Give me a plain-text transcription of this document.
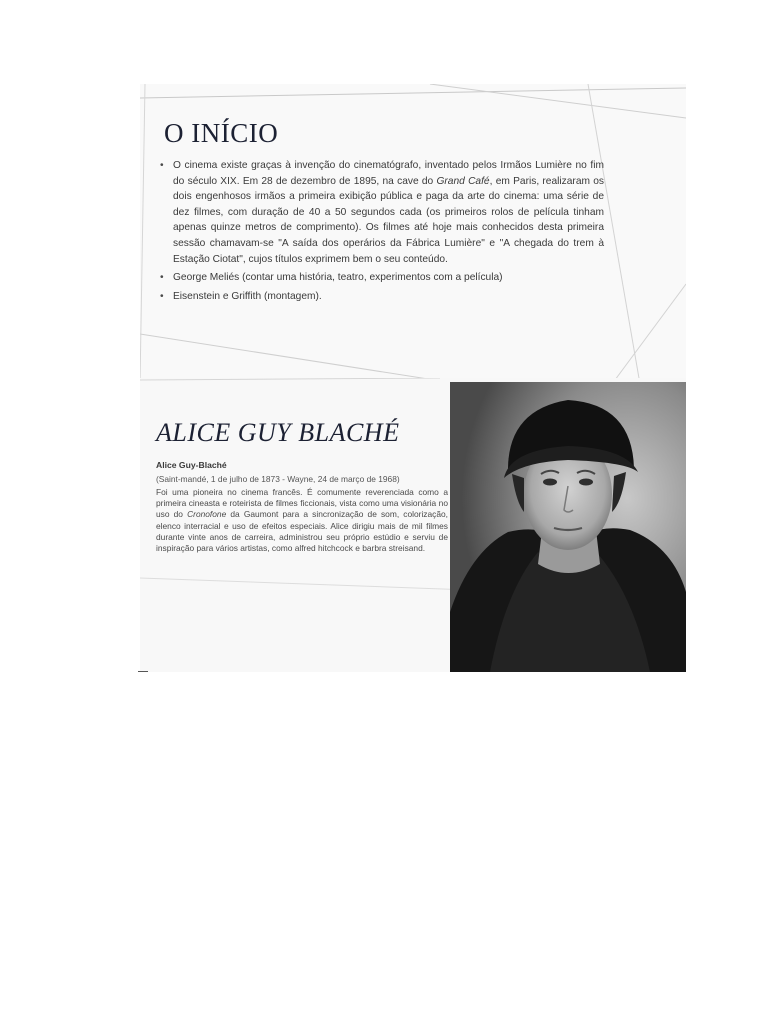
O INÍCIO
• O cinema existe graças à invenção do cinematógrafo, inventado pelos Irmãos Lumière no fim do século XIX. Em 28 de dezembro de 1895, na cave do Grand Café, em Paris, realizaram os dois engenhosos irmãos a primeira exibição pública e paga da arte do cinema: uma série de dez filmes, com duração de 40 a 50 segundos cada (os primeiros rolos de película tinham apenas quinze metros de comprimento). Os filmes até hoje mais conhecidos desta primeira sessão chamavam-se "A saída dos operários da Fábrica Lumière" e "A chegada do trem à Estação Ciotat", cujos títulos exprimem bem o seu conteúdo.
• George Meliés (contar uma história, teatro, experimentos com a película)
• Eisenstein e Griffith (montagem).
ALICE GUY BLACHÉ

Alice Guy-Blaché

(Saint-mandé, 1 de julho de 1873 - Wayne, 24 de março de 1968)

Foi uma pioneira no cinema francês. É comumente reverenciada como a primeira cineasta e roteirista de filmes ficcionais, vista como uma visionária no uso do Cronofone da Gaumont para a sincronização de som, colorização, elenco interracial e uso de efeitos especiais. Alice dirigiu mais de mil filmes durante vinte anos de carreira, administrou seu próprio estúdio e serviu de inspiração para vários artistas, como alfred hitchcock e barbra streisand.
